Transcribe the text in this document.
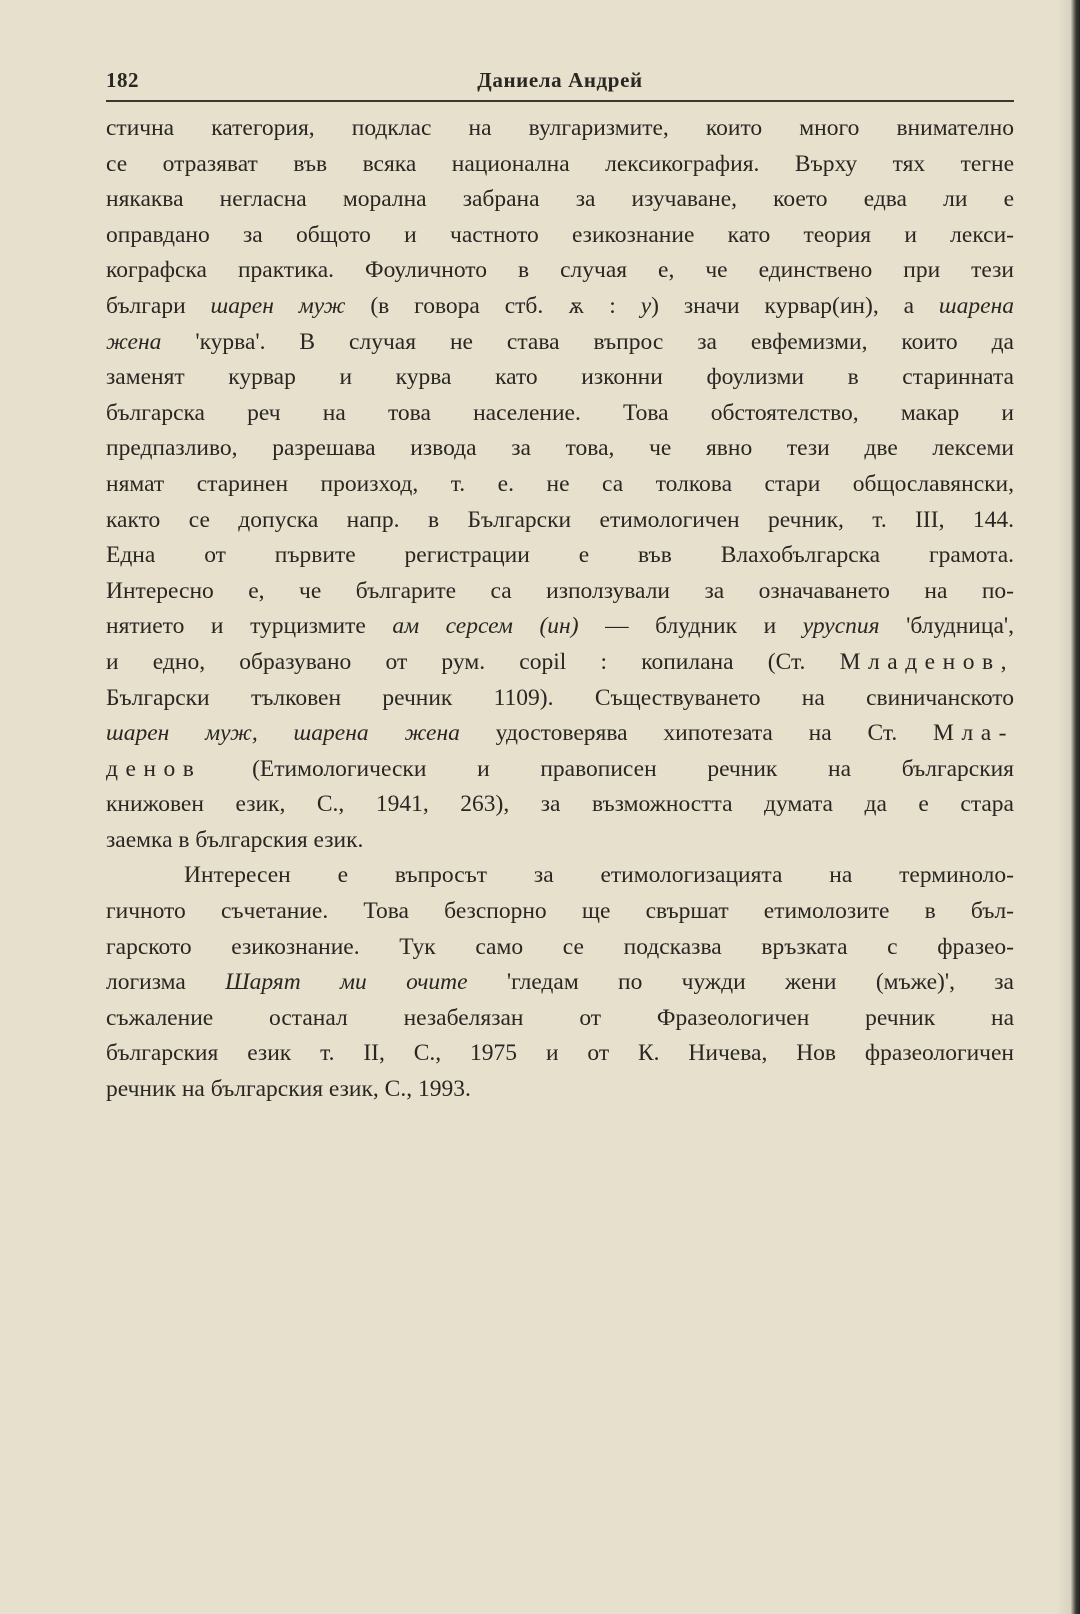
182	Даниела Андрей
стична категория, подклас на вулгаризмите, които много внимателно
се отразяват във всяка национална лексикография. Върху тях тегне
някаква негласна морална забрана за изучаване, което едва ли е
оправдано за общото и частното езикознание като теория и лекси-
кографска практика. Фоуличното в случая е, че единствено при тези
българи шарен муж (в говора стб. ѫ : у) значи курвар(ин), а шарена
жена 'курва'. В случая не става въпрос за евфемизми, които да
заменят курвар и курва като изконни фоулизми в старинната
българска реч на това население. Това обстоятелство, макар и
предпазливо, разрешава извода за това, че явно тези две лексеми
нямат старинен произход, т. е. не са толкова стари общославянски,
както се допуска напр. в Български етимологичен речник, т. III, 144.
Една от първите регистрации е във Влахобългарска грамота.
Интересно е, че българите са използували за означаването на по-
нятието и турцизмите ам серсем (ин) — блудник и уруспия 'блудница',
и едно, образувано от рум. copil : копилана (Ст. Младенов,
Български тълковен речник 1109). Съществуването на свиничанското
шарен муж, шарена жена удостоверява хипотезата на Ст. Мла-
денов (Етимологически и правописен речник на българския
книжовен език, С., 1941, 263), за възможността думата да е стара
заемка в българския език.
Интересен е въпросът за етимологизацията на терминоло-
гичното съчетание. Това безспорно ще свършат етимолозите в бъл-
гарското езикознание. Тук само се подсказва връзката с фразео-
логизма Шарят ми очите 'гледам по чужди жени (мъже)', за
съжаление останал незабелязан от Фразеологичен речник на
българския език т. II, С., 1975 и от К. Ничева, Нов фразеологичен
речник на българския език, С., 1993.
